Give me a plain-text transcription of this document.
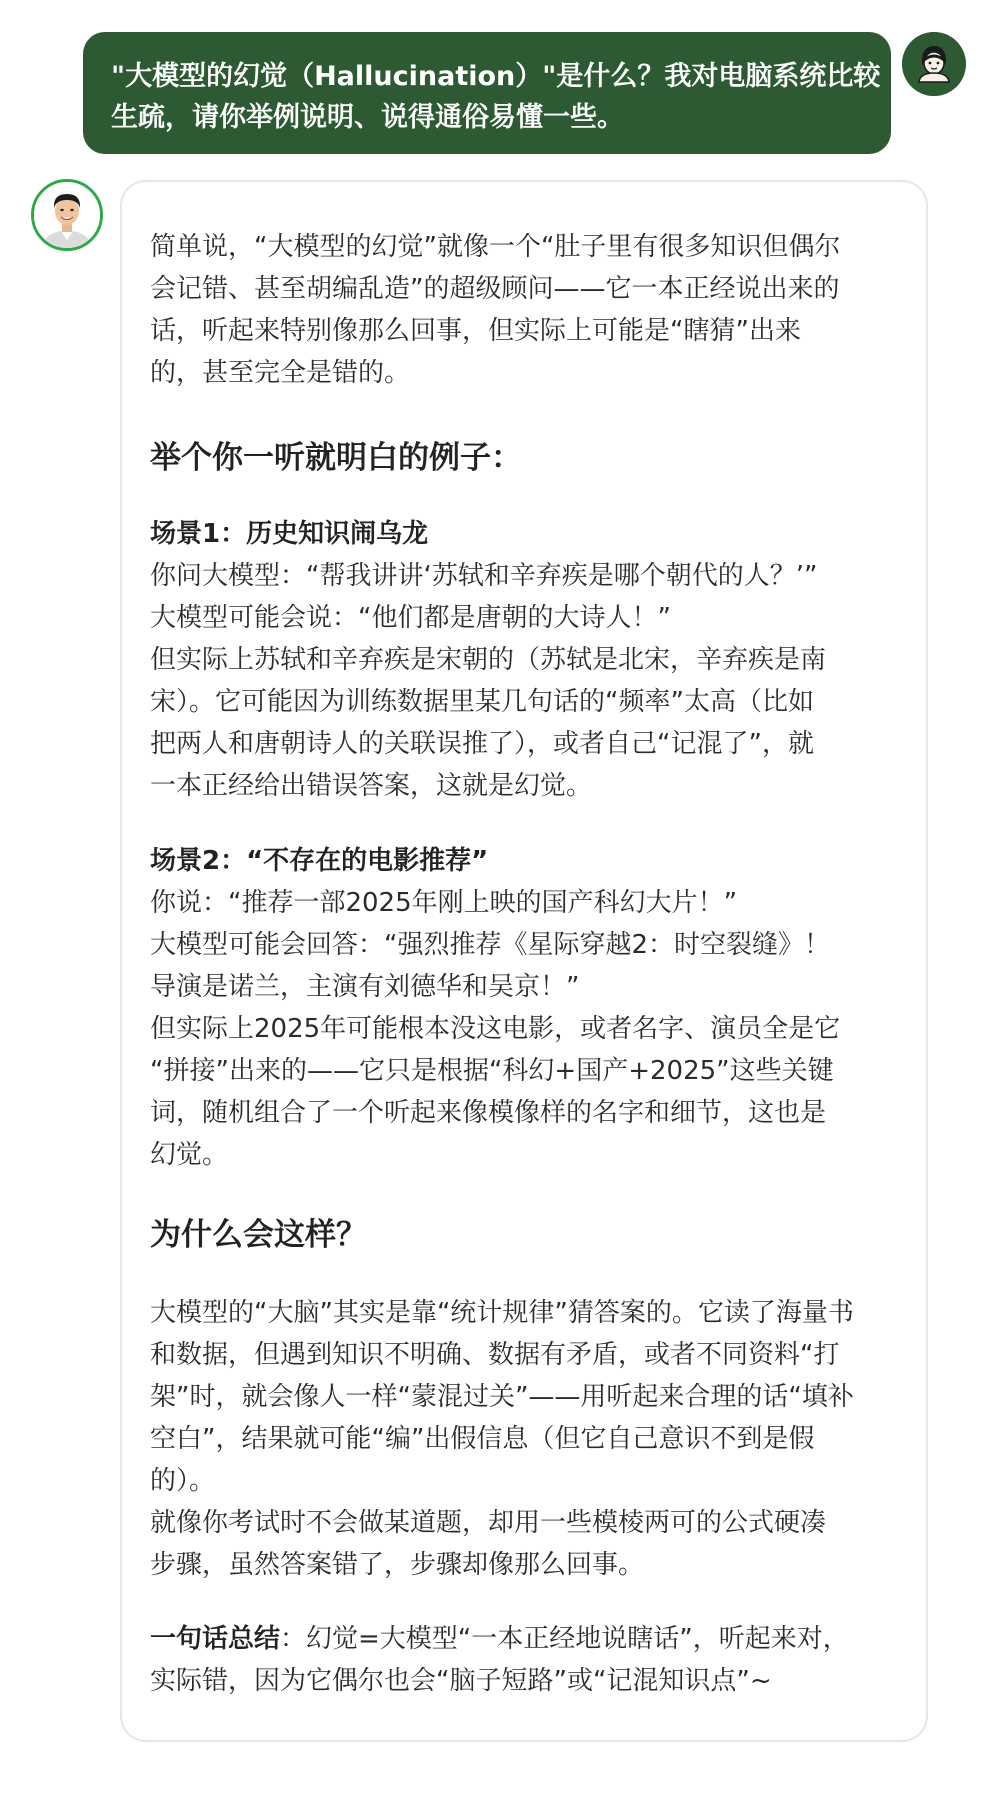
"大模型的幻觉（Hallucination）"是什么？我对电脑系统比较
生疏，请你举例说明、说得通俗易懂一些。
简单说，“大模型的幻觉”就像一个“肚子里有很多知识但偶尔
会记错、甚至胡编乱造”的超级顾问——它一本正经说出来的
话，听起来特别像那么回事，但实际上可能是“瞎猜”出来
的，甚至完全是错的。
举个你一听就明白的例子：
场景1：历史知识闹乌龙
你问大模型：“帮我讲讲‘苏轼和辛弃疾是哪个朝代的人？’”
大模型可能会说：“他们都是唐朝的大诗人！”
但实际上苏轼和辛弃疾是宋朝的（苏轼是北宋，辛弃疾是南
宋）。它可能因为训练数据里某几句话的“频率”太高（比如
把两人和唐朝诗人的关联误推了），或者自己“记混了”，就
一本正经给出错误答案，这就是幻觉。
场景2：“不存在的电影推荐”
你说：“推荐一部2025年刚上映的国产科幻大片！”
大模型可能会回答：“强烈推荐《星际穿越2：时空裂缝》！
导演是诺兰，主演有刘德华和吴京！”
但实际上2025年可能根本没这电影，或者名字、演员全是它
“拼接”出来的——它只是根据“科幻+国产+2025”这些关键
词，随机组合了一个听起来像模像样的名字和细节，这也是
幻觉。
为什么会这样？
大模型的“大脑”其实是靠“统计规律”猜答案的。它读了海量书
和数据，但遇到知识不明确、数据有矛盾，或者不同资料“打
架”时，就会像人一样“蒙混过关”——用听起来合理的话“填补
空白”，结果就可能“编”出假信息（但它自己意识不到是假
的）。
就像你考试时不会做某道题，却用一些模棱两可的公式硬凑
步骤，虽然答案错了，步骤却像那么回事。
一句话总结：幻觉=大模型“一本正经地说瞎话”，听起来对，
实际错，因为它偶尔也会“脑子短路”或“记混知识点”~
